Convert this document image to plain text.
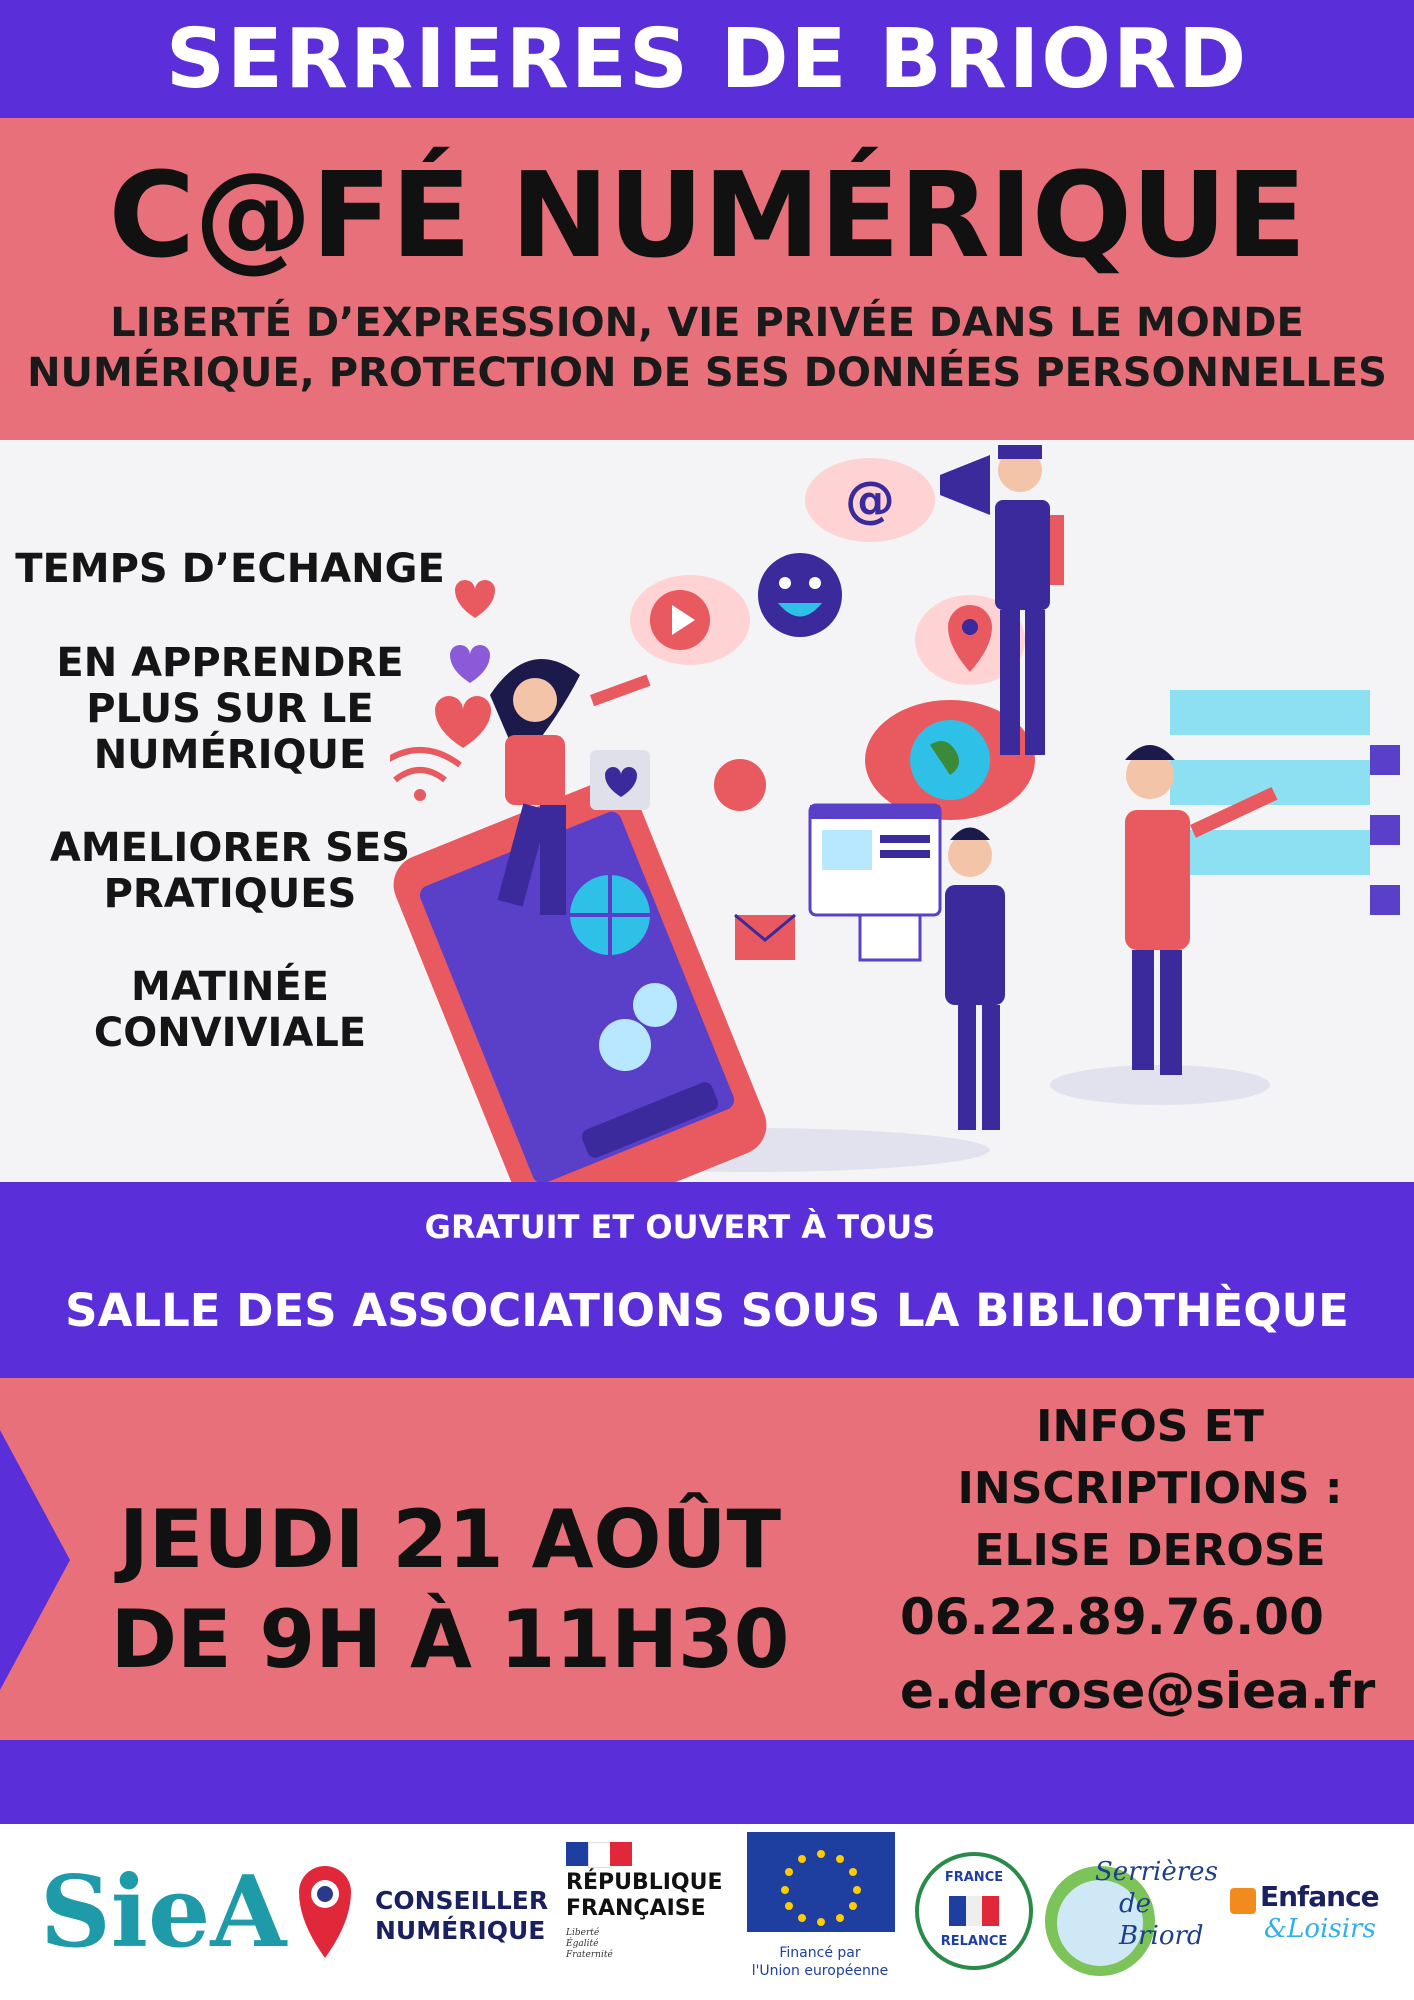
SERRIERES DE BRIORD
C@FÉ NUMÉRIQUE
LIBERTÉ D’EXPRESSION, VIE PRIVÉE DANS LE MONDE
NUMÉRIQUE, PROTECTION DE SES DONNÉES PERSONNELLES
TEMPS D’ECHANGE
EN APPRENDRE
PLUS SUR LE
NUMÉRIQUE
AMELIORER SES
PRATIQUES
MATINÉE
CONVIVIALE
@
GRATUIT ET OUVERT À TOUS
SALLE DES ASSOCIATIONS SOUS LA BIBLIOTHÈQUE
JEUDI 21 AOÛT
DE 9H À 11H30
INFOS ET
INSCRIPTIONS :
ELISE DEROSE
06.22.89.76.00
e.derose@siea.fr
SieA	CONSEILLER
NUMÉRIQUE
RÉPUBLIQUE
FRANÇAISE
Liberté
Égalité
Fraternité	Financé par
l'Union européenne
FRANCE
RELANCE
Serrières
de Briord
Enfance
&Loisirs
